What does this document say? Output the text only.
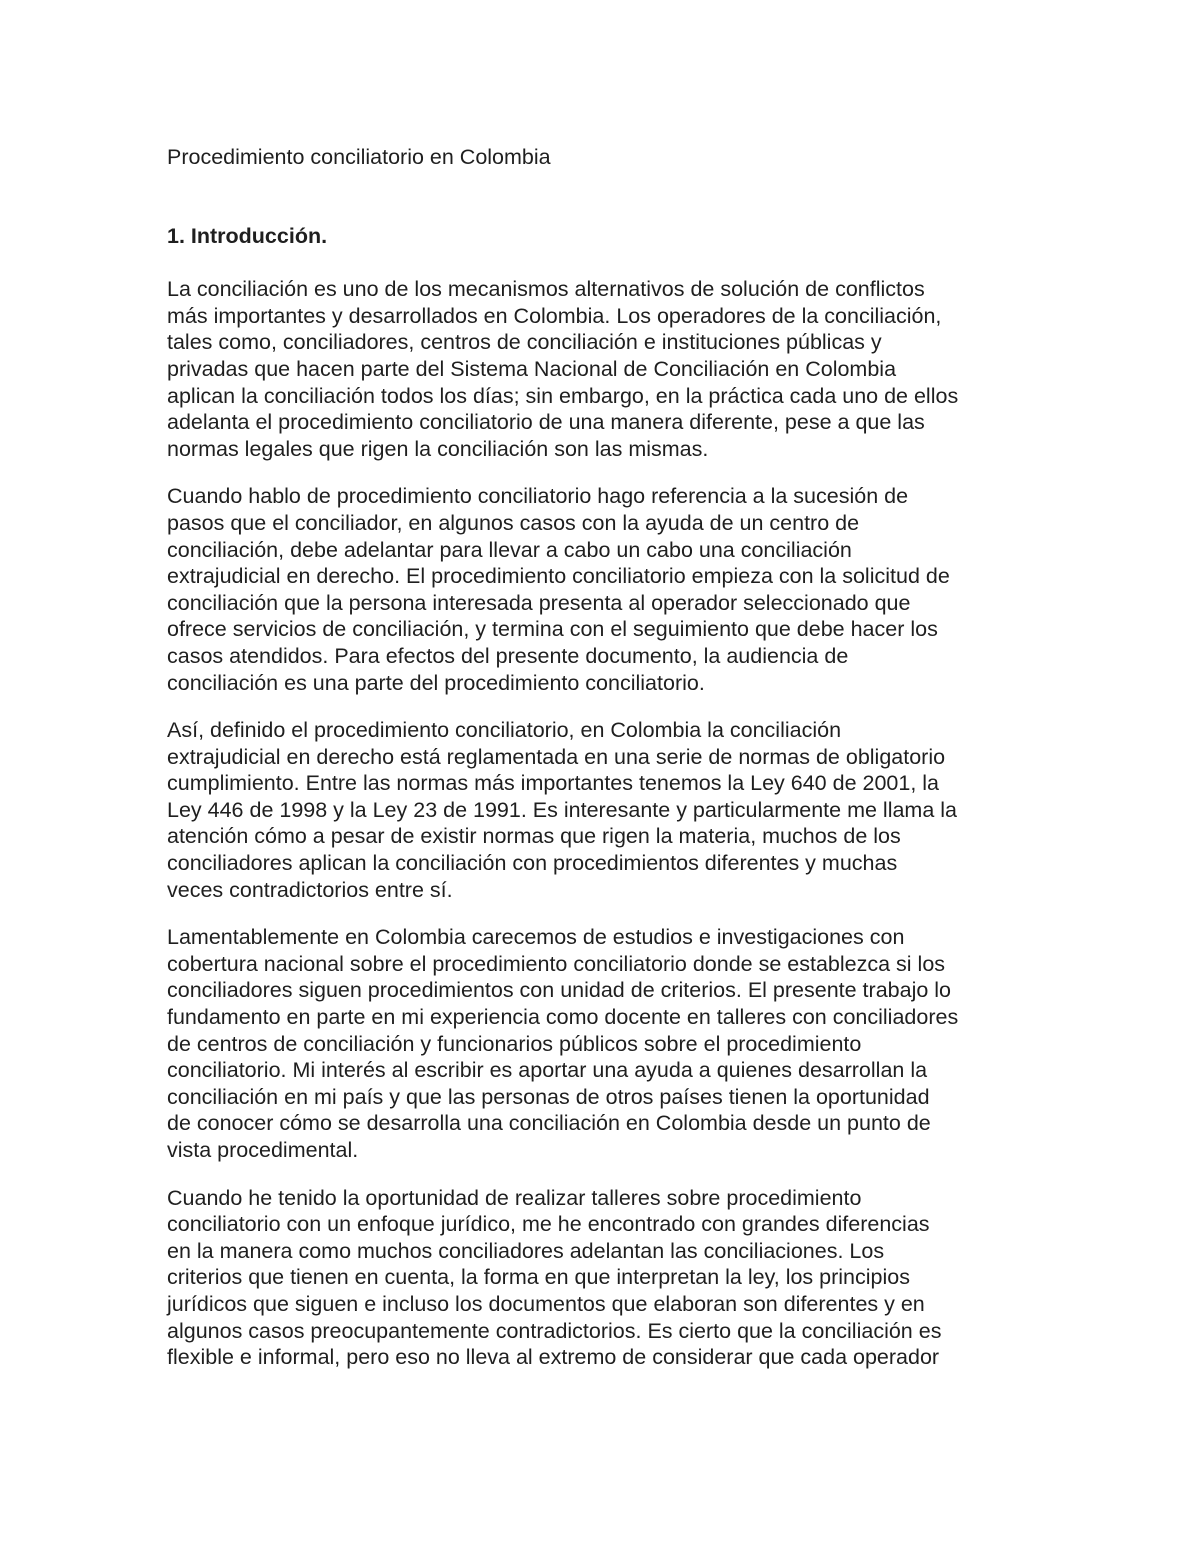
Procedimiento conciliatorio en Colombia
1. Introducción.
La conciliación es uno de los mecanismos alternativos de solución de conflictos
más importantes y desarrollados en Colombia. Los operadores de la conciliación,
tales como, conciliadores, centros de conciliación e instituciones públicas y
privadas que hacen parte del Sistema Nacional de Conciliación en Colombia
aplican la conciliación todos los días; sin embargo, en la práctica cada uno de ellos
adelanta el procedimiento conciliatorio de una manera diferente, pese a que las
normas legales que rigen la conciliación son las mismas.
Cuando hablo de procedimiento conciliatorio hago referencia a la sucesión de
pasos que el conciliador, en algunos casos con la ayuda de un centro de
conciliación, debe adelantar para llevar a cabo un cabo una conciliación
extrajudicial en derecho. El procedimiento conciliatorio empieza con la solicitud de
conciliación que la persona interesada presenta al operador seleccionado que
ofrece servicios de conciliación, y termina con el seguimiento que debe hacer los
casos atendidos. Para efectos del presente documento, la audiencia de
conciliación es una parte del procedimiento conciliatorio.
Así, definido el procedimiento conciliatorio, en Colombia la conciliación
extrajudicial en derecho está reglamentada en una serie de normas de obligatorio
cumplimiento. Entre las normas más importantes tenemos la Ley 640 de 2001, la
Ley 446 de 1998 y la Ley 23 de 1991. Es interesante y particularmente me llama la
atención cómo a pesar de existir normas que rigen la materia, muchos de los
conciliadores aplican la conciliación con procedimientos diferentes y muchas
veces contradictorios entre sí.
Lamentablemente en Colombia carecemos de estudios e investigaciones con
cobertura nacional sobre el procedimiento conciliatorio donde se establezca si los
conciliadores siguen procedimientos con unidad de criterios. El presente trabajo lo
fundamento en parte en mi experiencia como docente en talleres con conciliadores
de centros de conciliación y funcionarios públicos sobre el procedimiento
conciliatorio. Mi interés al escribir es aportar una ayuda a quienes desarrollan la
conciliación en mi país y que las personas de otros países tienen la oportunidad
de conocer cómo se desarrolla una conciliación en Colombia desde un punto de
vista procedimental.
Cuando he tenido la oportunidad de realizar talleres sobre procedimiento
conciliatorio con un enfoque jurídico, me he encontrado con grandes diferencias
en la manera como muchos conciliadores adelantan las conciliaciones. Los
criterios que tienen en cuenta, la forma en que interpretan la ley, los principios
jurídicos que siguen e incluso los documentos que elaboran son diferentes y en
algunos casos preocupantemente contradictorios. Es cierto que la conciliación es
flexible e informal, pero eso no lleva al extremo de considerar que cada operador
